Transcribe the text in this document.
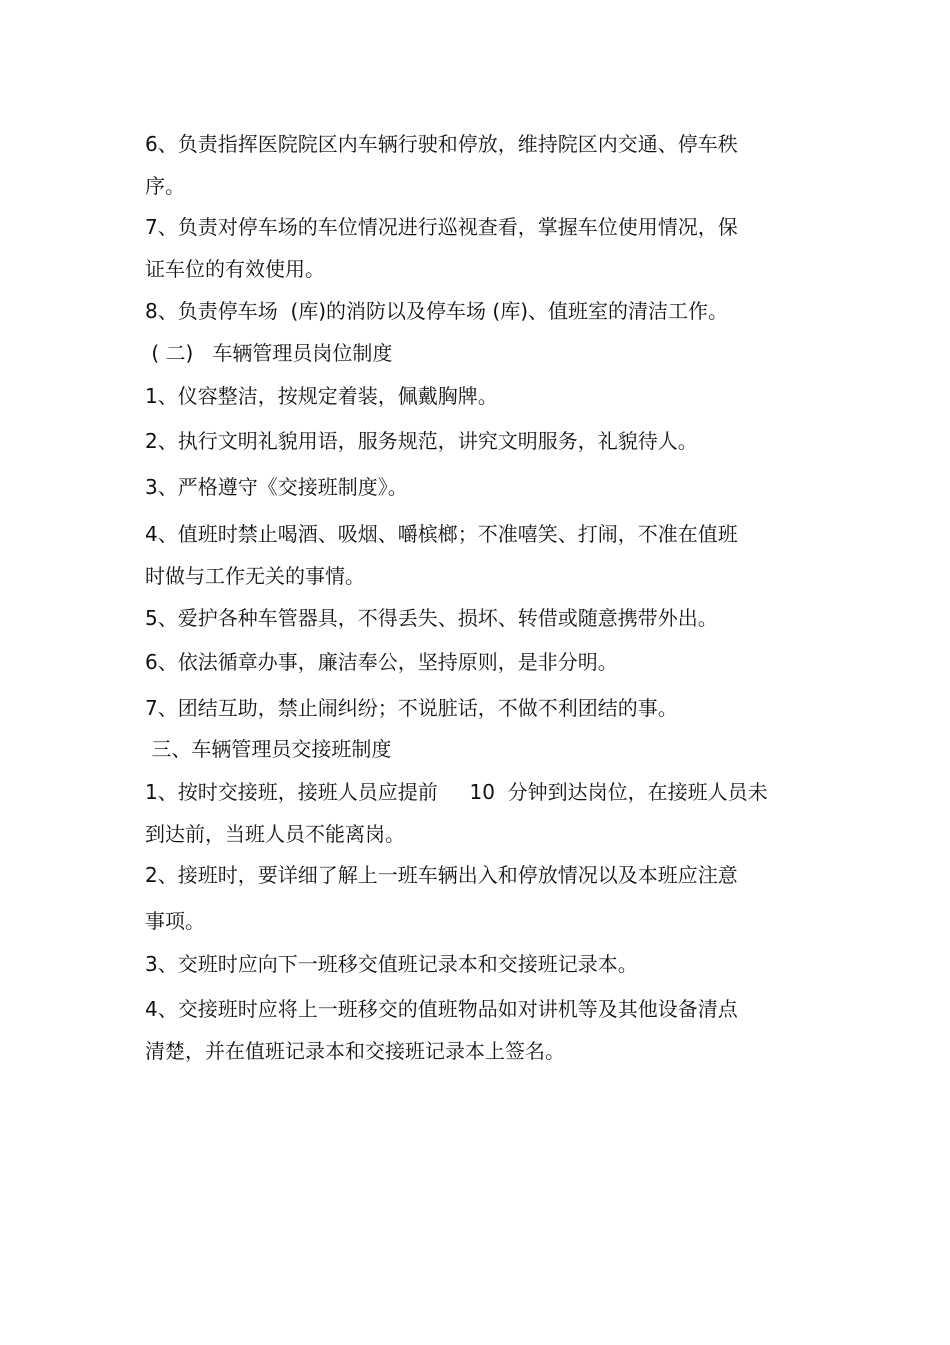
6、负责指挥医院院区内车辆行驶和停放，维持院区内交通、停车秩

序。

7、负责对停车场的车位情况进行巡视查看，掌握车位使用情况，保

证车位的有效使用。

8、负责停车场  (库)的消防以及停车场 (库)、值班室的清洁工作。

( 二)   车辆管理员岗位制度

1、仪容整洁，按规定着装，佩戴胸牌。

2、执行文明礼貌用语，服务规范，讲究文明服务，礼貌待人。

3、严格遵守《交接班制度》。

4、值班时禁止喝酒、吸烟、嚼槟榔；不准嘻笑、打闹，不准在值班

时做与工作无关的事情。

5、爱护各种车管器具，不得丢失、损坏、转借或随意携带外出。

6、依法循章办事，廉洁奉公，坚持原则，是非分明。

7、团结互助，禁止闹纠纷；不说脏话，不做不利团结的事。

三、车辆管理员交接班制度

1、按时交接班，接班人员应提前     10  分钟到达岗位，在接班人员未

到达前，当班人员不能离岗。

2、接班时，要详细了解上一班车辆出入和停放情况以及本班应注意

事项。

3、交班时应向下一班移交值班记录本和交接班记录本。

4、交接班时应将上一班移交的值班物品如对讲机等及其他设备清点

清楚，并在值班记录本和交接班记录本上签名。
